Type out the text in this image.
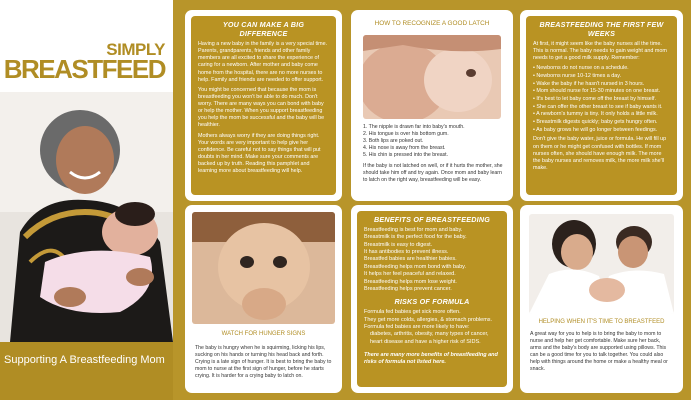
SIMPLY
BREASTFEED
Supporting A Breastfeeding Mom
YOU CAN MAKE A BIG DIFFERENCE

Having a new baby in the family is a very special time. Parents, grandparents, friends and other family members are all excited to share the experience of caring for a newborn. After mother and baby come home from the hospital, there are no more nurses to help. Family and friends are needed to offer support.

You might be concerned that because the mom is breastfeeding you won't be able to do much. Don't worry. There are many ways you can bond with baby or help the mother. When you support breastfeeding you help the mom be successful and the baby will be healthier.

Mothers always worry if they are doing things right. Your words are very important to help give her confidence. Be careful not to say things that will put doubts in her mind. Make sure your comments are backed up by truth. Reading this pamphlet and learning more about breastfeeding will help.

HOW TO RECOGNIZE A GOOD LATCH
1. The nipple is drawn far into baby's mouth.
2. His tongue is over his bottom gum.
3. Both lips are poked out.
4. His nose is away from the breast.
5. His chin is pressed into the breast.
If the baby is not latched on well, or if it hurts the mother, she should take him off and try again. Once mom and baby learn to latch on the right way, breastfeeding will be easy.
BREASTFEEDING THE FIRST FEW WEEKS
At first, it might seem like the baby nurses all the time. This is normal. The baby needs to gain weight and mom needs to get a good milk supply. Remember:
• Newborns do not nurse on a schedule.
• Newborns nurse 10-12 times a day.
• Wake the baby if he hasn't nursed in 3 hours.
• Mom should nurse for 15-30 minutes on one breast.
• It's best to let baby come off the breast by himself.
• She can offer the other breast to see if baby wants it.
• A newborn's tummy is tiny. It only holds a little milk.
• Breastmilk digests quickly; baby gets hungry often.
• As baby grows he will go longer between feedings.
Don't give the baby water, juice or formula. He will fill up on them or he might get confused with bottles. If mom nurses often, she should have enough milk. The more the baby nurses and removes milk, the more milk she'll make.
WATCH FOR HUNGER SIGNS
The baby is hungry when he is squirming, licking his lips, sucking on his hands or turning his head back and forth. Crying is a late sign of hunger. It is best to bring the baby to mom to nurse at the first sign of hunger, before he starts crying. It is harder for a crying baby to latch on.
BENEFITS OF BREASTFEEDING
Breastfeeding is best for mom and baby.
Breastmilk is the perfect food for the baby.
Breastmilk is easy to digest.
It has antibodies to prevent illness.
Breastfed babies are healthier babies.
Breastfeeding helps mom bond with baby.
It helps her feel peaceful and relaxed.
Breastfeeding helps mom lose weight.
Breastfeeding helps prevent cancer.
RISKS OF FORMULA
Formula fed babies get sick more often.
They get more colds, allergies, & stomach problems.
Formula fed babies are more likely to have:
diabetes, arthritis, obesity, many types of cancer,
heart disease and have a higher risk of SIDS.
There are many more benefits of breastfeeding and risks of formula not listed here.
HELPING WHEN IT'S TIME TO BREASTFEED
A great way for you to help is to bring the baby to mom to nurse and help her get comfortable. Make sure her back, arms and the baby's body are supported using pillows. This can be a good time for you to talk together. You could also help with things around the home or make a healthy meal or snack.
